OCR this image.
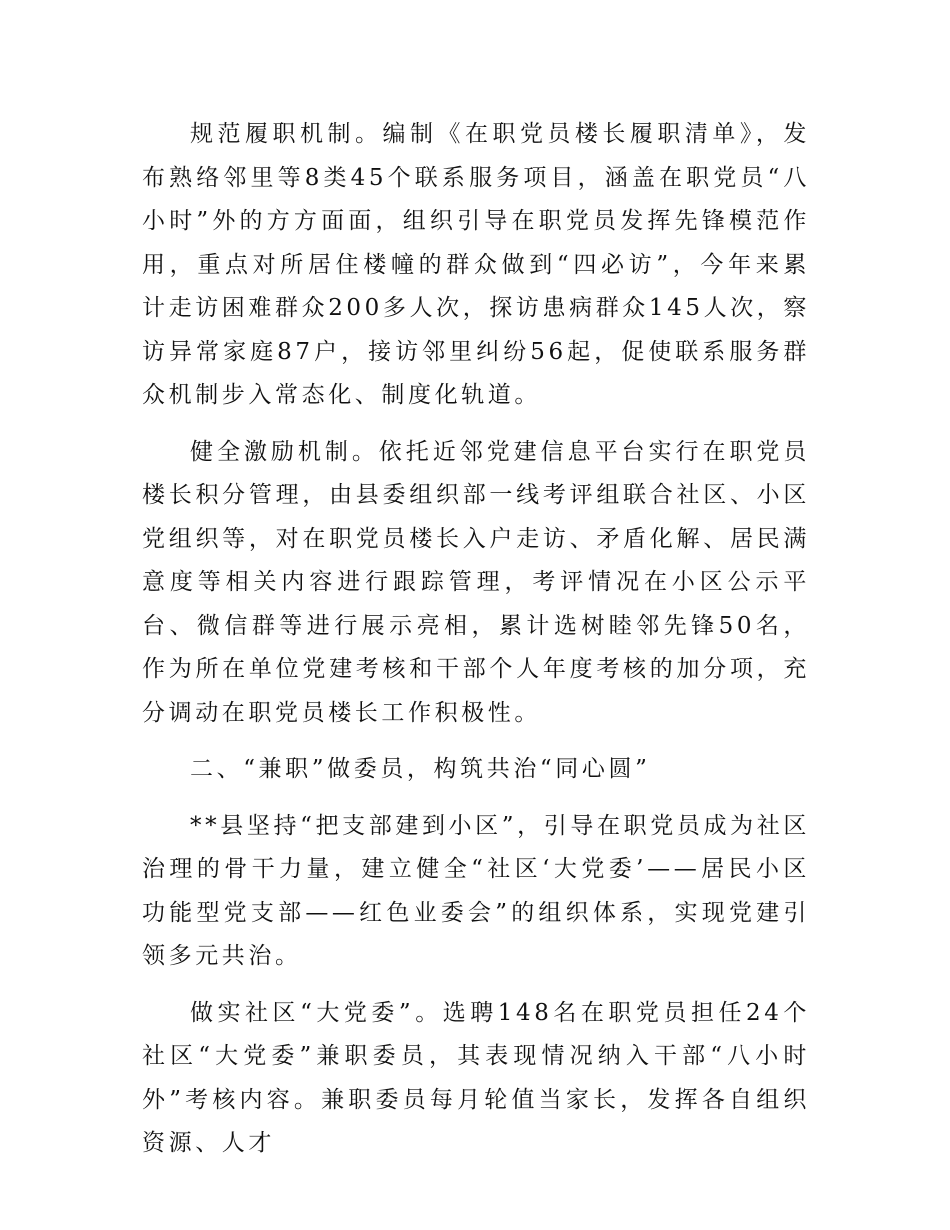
规范履职机制。编制《在职党员楼长履职清单》，发布熟络邻里等8类45个联系服务项目，涵盖在职党员“八小时”外的方方面面，组织引导在职党员发挥先锋模范作用，重点对所居住楼幢的群众做到“四必访”，今年来累计走访困难群众200多人次，探访患病群众145人次，察访异常家庭87户，接访邻里纠纷56起，促使联系服务群众机制步入常态化、制度化轨道。

健全激励机制。依托近邻党建信息平台实行在职党员楼长积分管理，由县委组织部一线考评组联合社区、小区党组织等，对在职党员楼长入户走访、矛盾化解、居民满意度等相关内容进行跟踪管理，考评情况在小区公示平台、微信群等进行展示亮相，累计选树睦邻先锋50名，作为所在单位党建考核和干部个人年度考核的加分项，充分调动在职党员楼长工作积极性。

二、“兼职”做委员，构筑共治“同心圆”

**县坚持“把支部建到小区”，引导在职党员成为社区治理的骨干力量，建立健全“社区‘大党委’——居民小区功能型党支部——红色业委会”的组织体系，实现党建引领多元共治。

做实社区“大党委”。选聘148名在职党员担任24个社区“大党委”兼职委员，其表现情况纳入干部“八小时外”考核内容。兼职委员每月轮值当家长，发挥各自组织资源、人才
